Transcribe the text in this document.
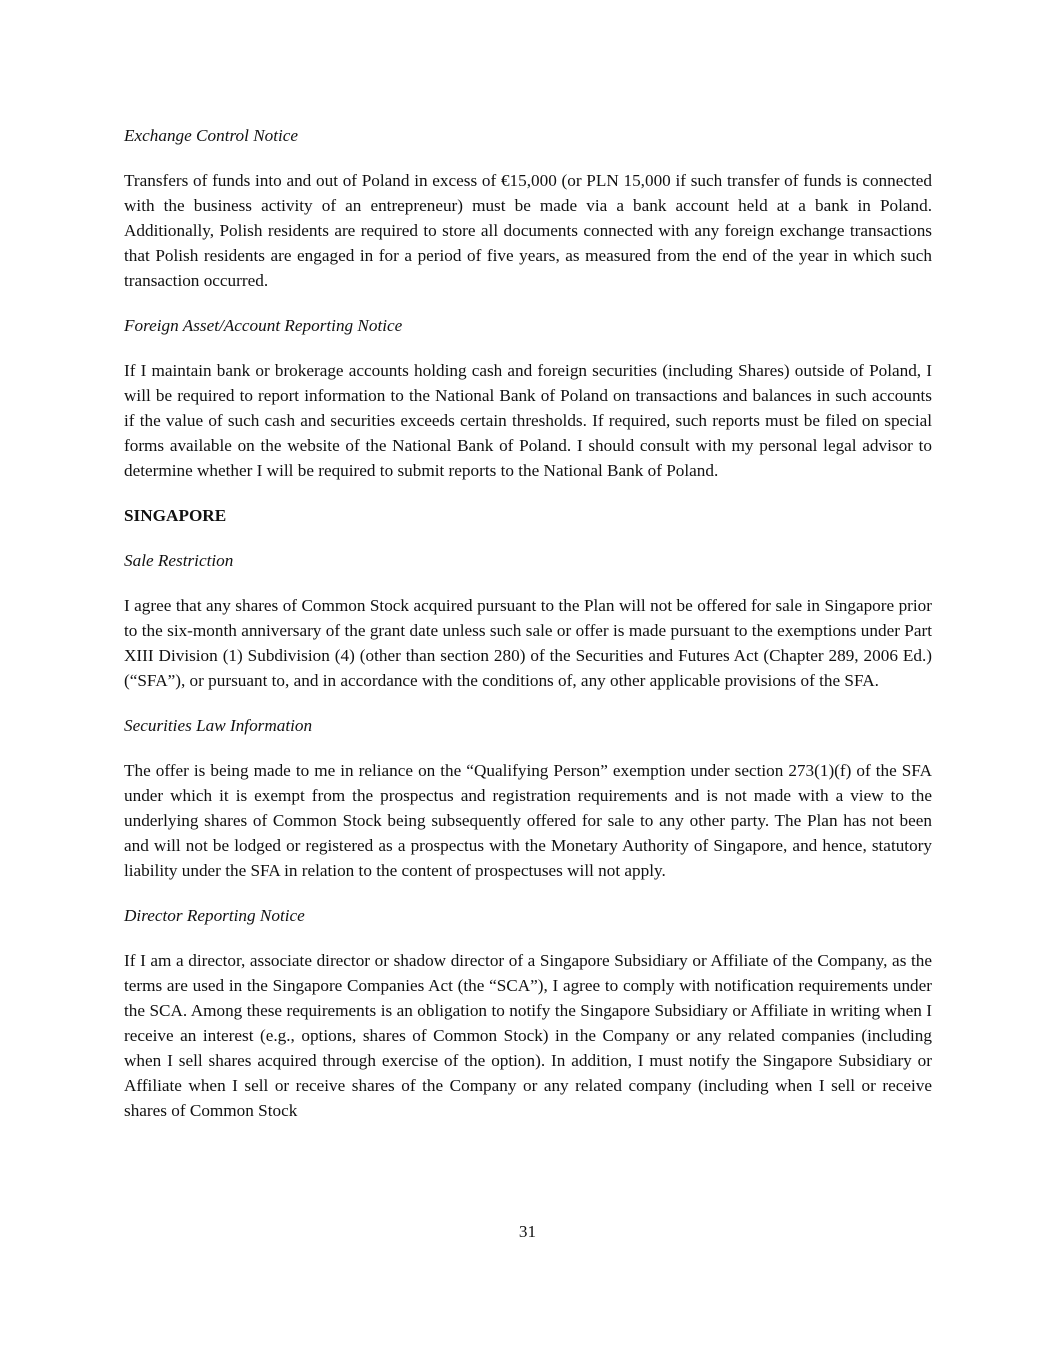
Exchange Control Notice

Transfers of funds into and out of Poland in excess of €15,000 (or PLN 15,000 if such transfer of funds is connected with the business activity of an entrepreneur) must be made via a bank account held at a bank in Poland. Additionally, Polish residents are required to store all documents connected with any foreign exchange transactions that Polish residents are engaged in for a period of five years, as measured from the end of the year in which such transaction occurred.

Foreign Asset/Account Reporting Notice

If I maintain bank or brokerage accounts holding cash and foreign securities (including Shares) outside of Poland, I will be required to report information to the National Bank of Poland on transactions and balances in such accounts if the value of such cash and securities exceeds certain thresholds. If required, such reports must be filed on special forms available on the website of the National Bank of Poland. I should consult with my personal legal advisor to determine whether I will be required to submit reports to the National Bank of Poland.

SINGAPORE

Sale Restriction

I agree that any shares of Common Stock acquired pursuant to the Plan will not be offered for sale in Singapore prior to the six-month anniversary of the grant date unless such sale or offer is made pursuant to the exemptions under Part XIII Division (1) Subdivision (4) (other than section 280) of the Securities and Futures Act (Chapter 289, 2006 Ed.) (“SFA”), or pursuant to, and in accordance with the conditions of, any other applicable provisions of the SFA.

Securities Law Information

The offer is being made to me in reliance on the “Qualifying Person” exemption under section 273(1)(f) of the SFA under which it is exempt from the prospectus and registration requirements and is not made with a view to the underlying shares of Common Stock being subsequently offered for sale to any other party. The Plan has not been and will not be lodged or registered as a prospectus with the Monetary Authority of Singapore, and hence, statutory liability under the SFA in relation to the content of prospectuses will not apply.

Director Reporting Notice

If I am a director, associate director or shadow director of a Singapore Subsidiary or Affiliate of the Company, as the terms are used in the Singapore Companies Act (the “SCA”), I agree to comply with notification requirements under the SCA. Among these requirements is an obligation to notify the Singapore Subsidiary or Affiliate in writing when I receive an interest (e.g., options, shares of Common Stock) in the Company or any related companies (including when I sell shares acquired through exercise of the option). In addition, I must notify the Singapore Subsidiary or Affiliate when I sell or receive shares of the Company or any related company (including when I sell or receive shares of Common Stock

31
